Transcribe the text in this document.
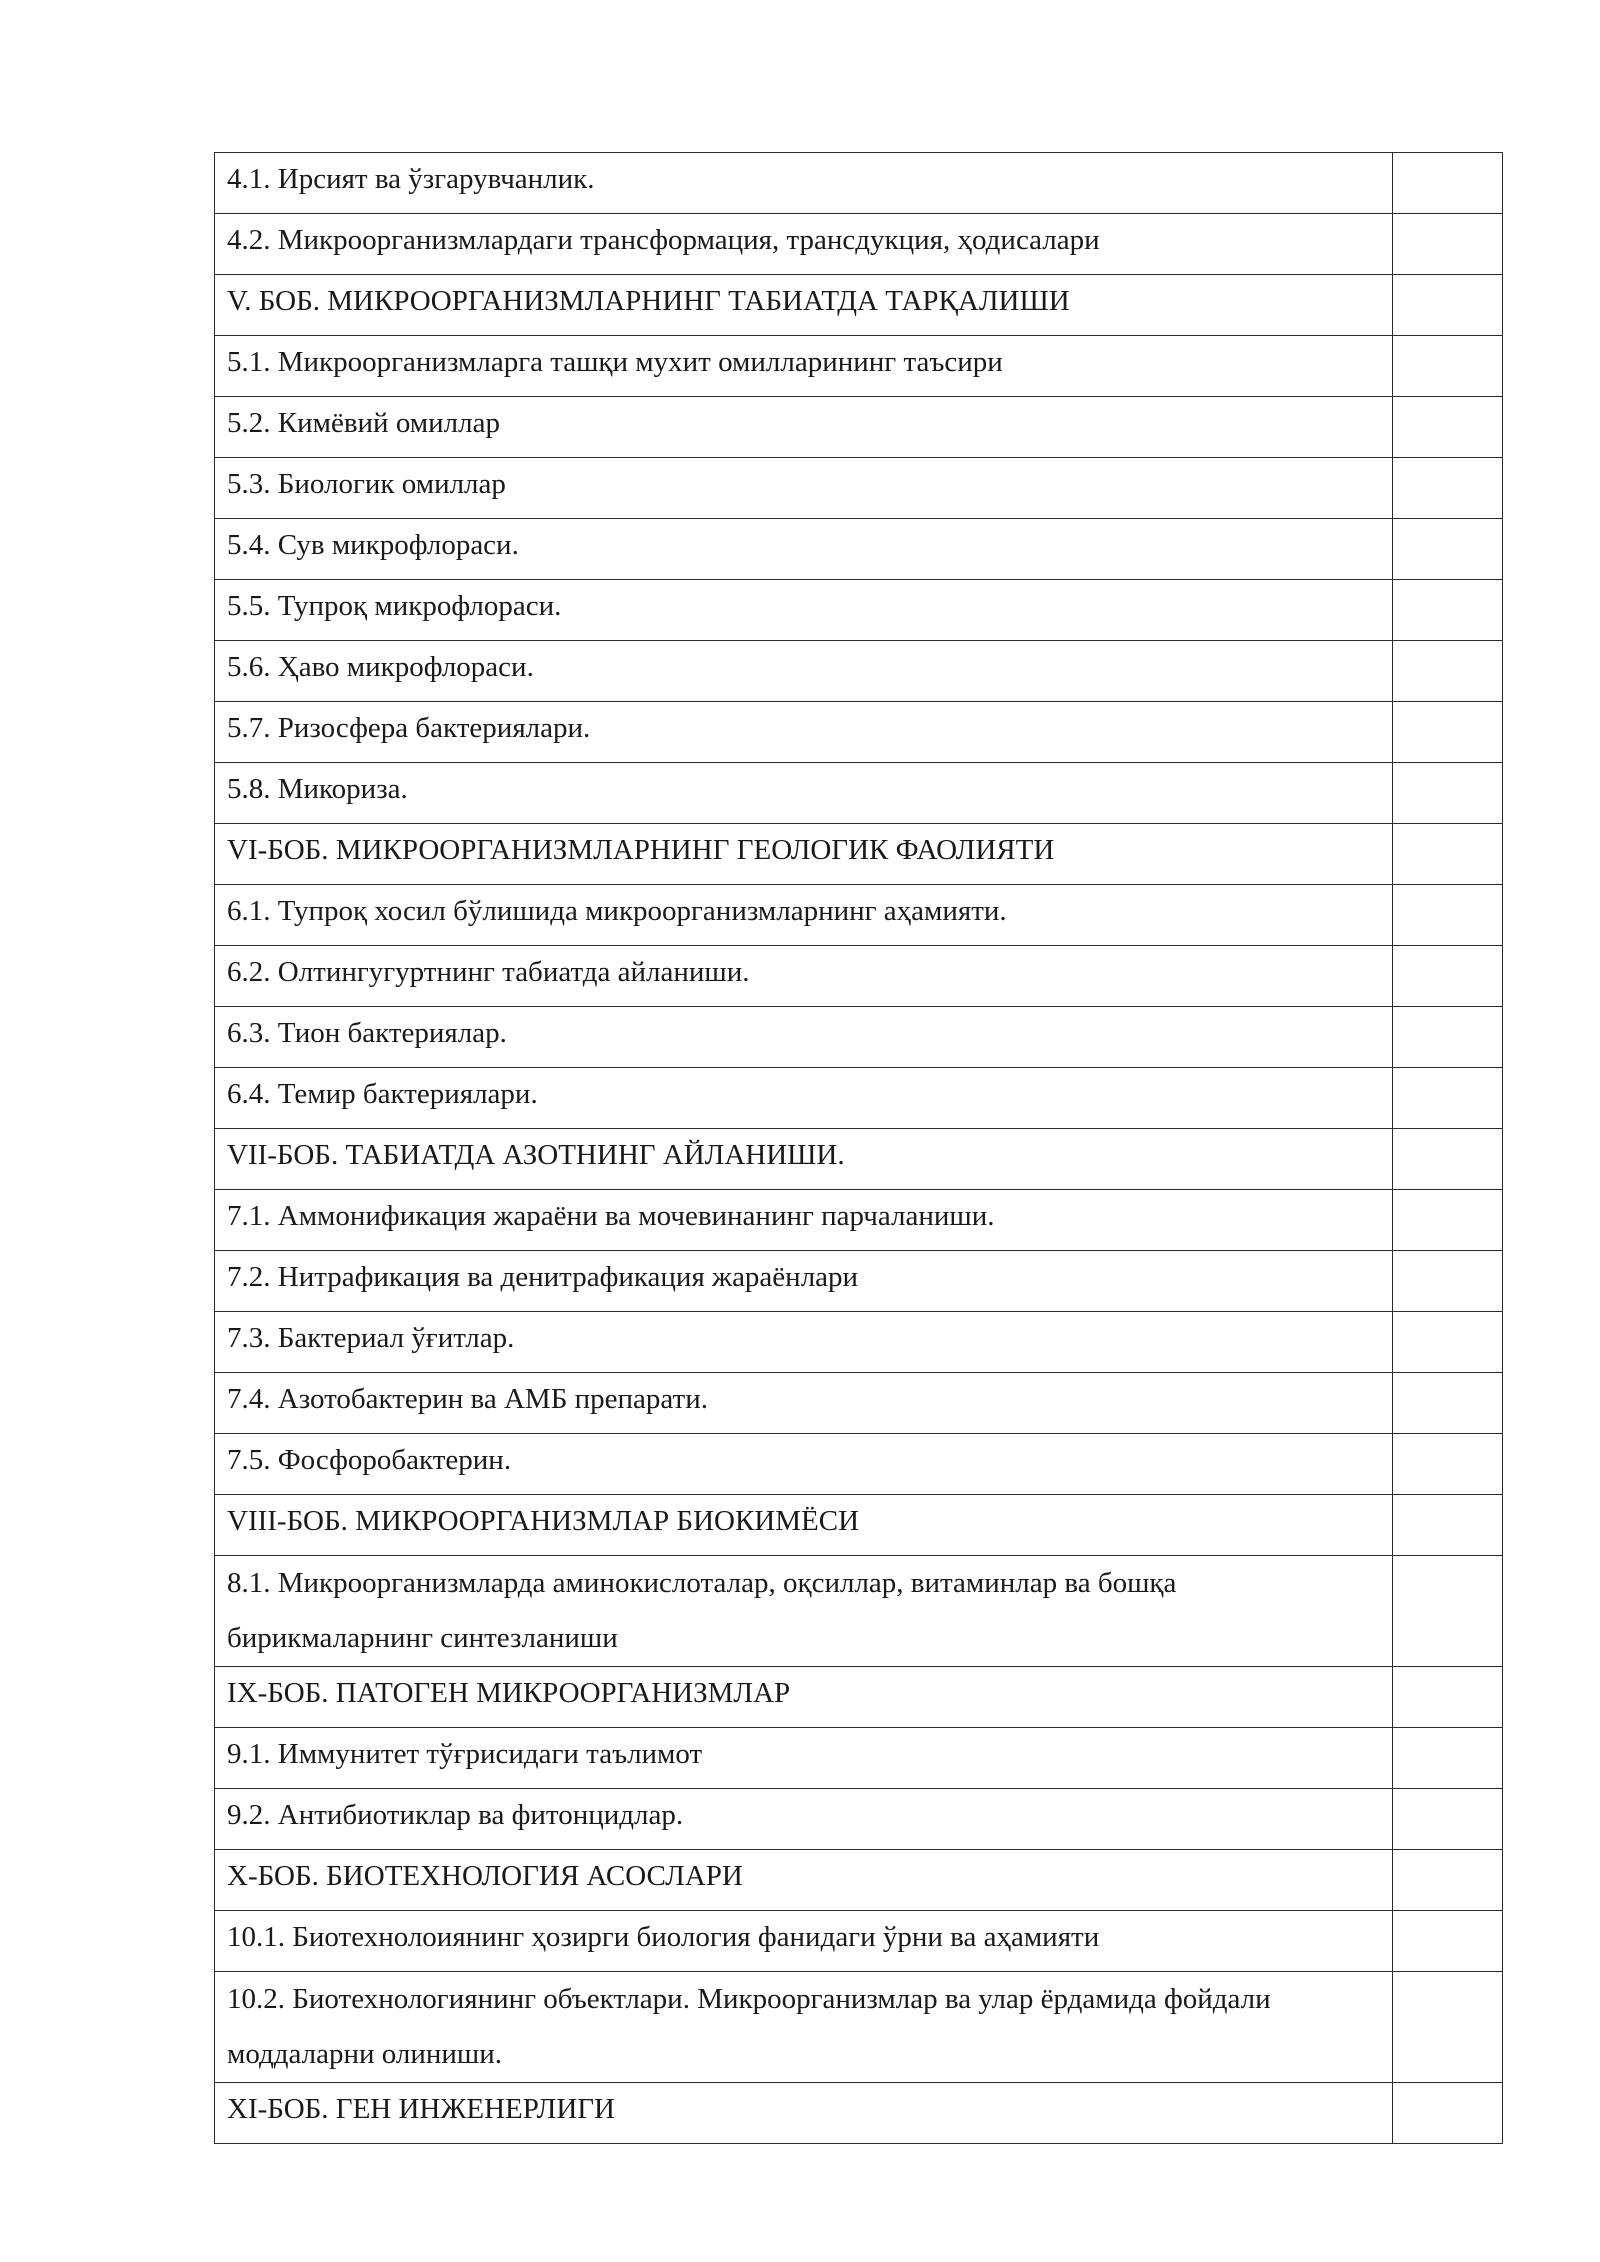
4.1. Ирсият ва ўзгарувчанлик.	

4.2. Микроорганизмлардаги трансформация, трансдукция, ҳодисалари	

V. БОБ. МИКРООРГАНИЗМЛАРНИНГ ТАБИАТДА ТАРҚАЛИШИ	

5.1. Микроорганизмларга ташқи мухит омилларининг таъсири	

5.2. Кимёвий омиллар	

5.3. Биологик омиллар	

5.4. Сув микрофлораси.	

5.5. Тупроқ микрофлораси.	

5.6. Ҳаво микрофлораси.	

5.7. Ризосфера бактериялари.	

5.8. Микориза.	

VI-БОБ. МИКРООРГАНИЗМЛАРНИНГ ГЕОЛОГИК ФАОЛИЯТИ	

6.1. Тупроқ хосил бўлишида микроорганизмларнинг аҳамияти.	

6.2. Олтингугуртнинг табиатда айланиши.	

6.3. Тион бактериялар.	

6.4. Темир бактериялари.	

VII-БОБ. ТАБИАТДА АЗОТНИНГ АЙЛАНИШИ.	

7.1. Аммонификация жараёни ва мочевинанинг парчаланиши.	

7.2. Нитрафикация ва денитрафикация жараёнлари	

7.3. Бактериал ўғитлар.	

7.4. Азотобактерин ва АМБ препарати.	

7.5. Фосфоробактерин.	

VIII-БОБ. МИКРООРГАНИЗМЛАР БИОКИМЁСИ	

8.1. Микроорганизмларда аминокислоталар, оқсиллар, витаминлар ва бошқа бирикмаларнинг синтезланиши	

IX-БОБ. ПАТОГЕН МИКРООРГАНИЗМЛАР	

9.1. Иммунитет тўғрисидаги таълимот	

9.2. Антибиотиклар ва фитонцидлар.	

X-БОБ. БИОТЕХНОЛОГИЯ АСОСЛАРИ	

10.1. Биотехнолоиянинг ҳозирги биология фанидаги ўрни ва аҳамияти	

10.2. Биотехнологиянинг объектлари. Микроорганизмлар ва улар ёрдамида фойдали моддаларни олиниши.	

XI-БОБ. ГЕН ИНЖЕНЕРЛИГИ	
